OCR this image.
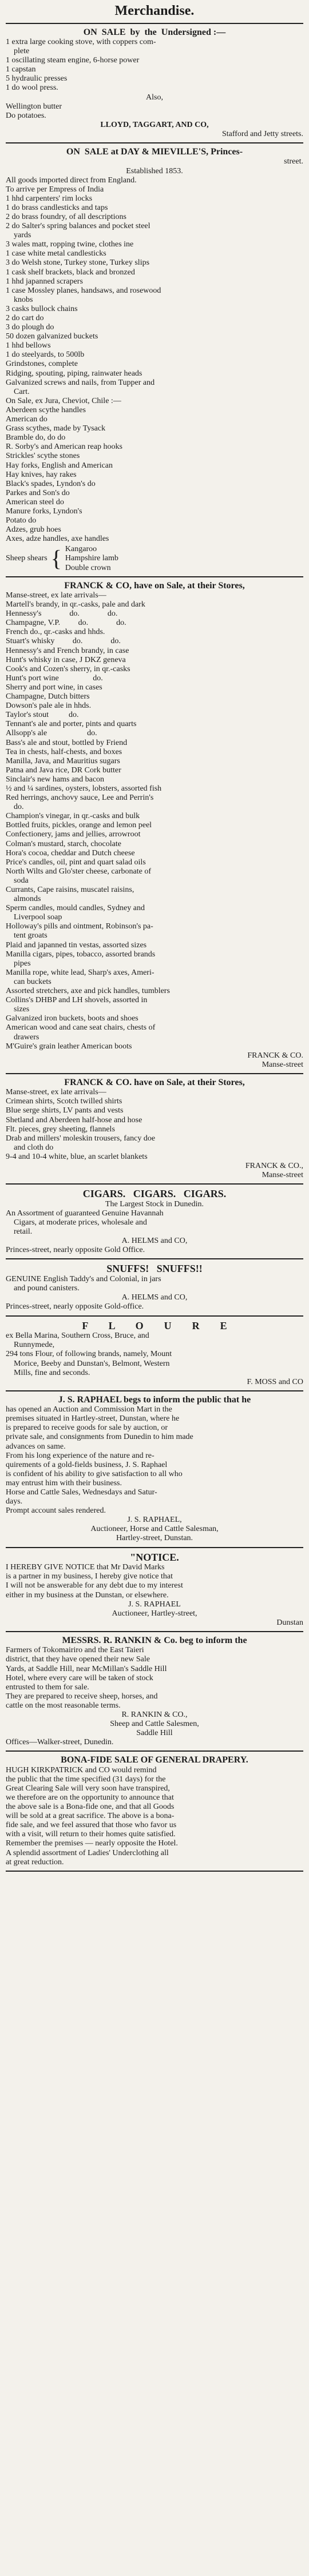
Merchandise.
ON  SALE  by  the  Undersigned :—
1 extra large cooking stove, with coppers com-
plete
1 oscillating steam engine, 6-horse power
1 capstan
5 hydraulic presses
1 do wool press.
Also,
Wellington butter
Do potatoes.
LLOYD, TAGGART, AND CO,
Stafford and Jetty streets.
ON  SALE at DAY & MIEVILLE'S, Princes-
street.
Established 1853.
All goods imported direct from England.
To arrive per Empress of India
1 hhd carpenters' rim locks
1 do brass candlesticks and taps
2 do brass foundry, of all descriptions
2 do Salter's spring balances and pocket steel
yards
3 wales matt, ropping twine, clothes ine
1 case white metal candlesticks
3 do Welsh stone, Turkey stone, Turkey slips
1 cask shelf brackets, black and bronzed
1 hhd japanned scrapers
1 case Mossley planes, handsaws, and rosewood
knobs
3 casks bullock chains
2 do cart do
3 do plough do
50 dozen galvanized buckets
1 hhd bellows
1 do steelyards, to 500lb
Grindstones, complete
Ridging, spouting, piping, rainwater heads
Galvanized screws and nails, from Tupper and
Cart.
On Sale, ex Jura, Cheviot, Chile :—
Aberdeen scythe handles
American do
Grass scythes, made by Tysack
Bramble do, do do
R. Sorby's and American reap hooks
Strickles' scythe stones
Hay forks, English and American
Hay knives, hay rakes
Black's spades, Lyndon's do
Parkes and Son's do
American steel do
Manure forks, Lyndon's
Potato do
Adzes, grub hoes
Axes, adze handles, axe handles
Sheep shears { Kangaroo
Hampshire lamb
Double crown
FRANCK & CO, have on Sale, at their Stores,
Manse-street, ex late arrivals—
Martell's brandy, in qr.-casks, pale and dark
Hennessy's              do.              do.
Champagne, V.P.         do.              do.
French do., qr.-casks and hhds.
Stuart's whisky         do.              do.
Hennessy's and French brandy, in case
Hunt's whisky in case, J DKZ geneva
Cook's and Cozen's sherry, in qr.-casks
Hunt's port wine                 do.
Sherry and port wine, in cases
Champagne, Dutch bitters
Dowson's pale ale in hhds.
Taylor's stout          do.
Tennant's ale and porter, pints and quarts
Allsopp's ale                    do.
Bass's ale and stout, bottled by Friend
Tea in chests, half-chests, and boxes
Manilla, Java, and Mauritius sugars
Patna and Java rice, DR Cork butter
Sinclair's new hams and bacon
½ and ¼ sardines, oysters, lobsters, assorted fish
Red herrings, anchovy sauce, Lee and Perrin's
do.
Champion's vinegar, in qr.-casks and bulk
Bottled fruits, pickles, orange and lemon peel
Confectionery, jams and jellies, arrowroot
Colman's mustard, starch, chocolate
Hora's cocoa, cheddar and Dutch cheese
Price's candles, oil, pint and quart salad oils
North Wilts and Glo'ster cheese, carbonate of
soda
Currants, Cape raisins, muscatel raisins,
almonds
Sperm candles, mould candles, Sydney and
Liverpool soap
Holloway's pills and ointment, Robinson's pa-
tent groats
Plaid and japanned tin vestas, assorted sizes
Manilla cigars, pipes, tobacco, assorted brands
pipes
Manilla rope, white lead, Sharp's axes, Ameri-
can buckets
Assorted stretchers, axe and pick handles, tumblers
Collins's DHBP and LH shovels, assorted in
sizes
Galvanized iron buckets, boots and shoes
American wood and cane seat chairs, chests of
drawers
M'Guire's grain leather American boots
FRANCK & CO.
Manse-street
FRANCK & CO. have on Sale, at their Stores,
Manse-street, ex late arrivals—
Crimean shirts, Scotch twilled shirts
Blue serge shirts, LV pants and vests
Shetland and Aberdeen half-hose and hose
Flt. pieces, grey sheeting, flannels
Drab and millers' moleskin trousers, fancy doe
and cloth do
9-4 and 10-4 white, blue, an scarlet blankets
FRANCK & CO.,
Manse-street
CIGARS.   CIGARS.   CIGARS.
The Largest Stock in Dunedin.
An Assortment of guaranteed Genuine Havannah
Cigars, at moderate prices, wholesale and
retail.
A. HELMS and CO,
Princes-street, nearly opposite Gold Office.
SNUFFS!   SNUFFS!!
GENUINE English Taddy's and Colonial, in jars
and pound canisters.
A. HELMS and CO,
Princes-street, nearly opposite Gold-office.
F        L        O        U        R        E
ex Bella Marina, Southern Cross, Bruce, and
Runnymede,
294 tons Flour, of following brands, namely, Mount
Morice, Beeby and Dunstan's, Belmont, Western
Mills, fine and seconds.
F. MOSS and CO
J. S. RAPHAEL begs to inform the public that he
has opened an Auction and Commission Mart in the
premises situated in Hartley-street, Dunstan, where he
is prepared to receive goods for sale by auction, or
private sale, and consignments from Dunedin to him made
advances on same.
From his long experience of the nature and re-
quirements of a gold-fields business, J. S. Raphael
is confident of his ability to give satisfaction to all who
may entrust him with their business.
Horse and Cattle Sales, Wednesdays and Satur-
days.
Prompt account sales rendered.
J. S. RAPHAEL,
Auctioneer, Horse and Cattle Salesman,
Hartley-street, Dunstan.
"NOTICE.
I HEREBY GIVE NOTICE that Mr David Marks
is a partner in my business, I hereby give notice that
I will not be answerable for any debt due to my interest
either in my business at the Dunstan, or elsewhere.
J. S. RAPHAEL
Auctioneer, Hartley-street,
Dunstan
MESSRS. R. RANKIN & Co. beg to inform the
Farmers of Tokomairiro and the East Taieri
district, that they have opened their new Sale
Yards, at Saddle Hill, near McMillan's Saddle Hill
Hotel, where every care will be taken of stock
entrusted to them for sale.
They are prepared to receive sheep, horses, and
cattle on the most reasonable terms.
R. RANKIN & CO.,
Sheep and Cattle Salesmen,
Saddle Hill
Offices—Walker-street, Dunedin.
BONA-FIDE SALE OF GENERAL DRAPERY.
HUGH KIRKPATRICK and CO would remind
the public that the time specified (31 days) for the
Great Clearing Sale will very soon have transpired,
we therefore are on the opportunity to announce that
the above sale is a Bona-fide one, and that all Goods
will be sold at a great sacrifice. The above is a bona-
fide sale, and we feel assured that those who favor us
with a visit, will return to their homes quite satisfied.
Remember the premises — nearly opposite the Hotel.
A splendid assortment of Ladies' Underclothing all
at great reduction.
